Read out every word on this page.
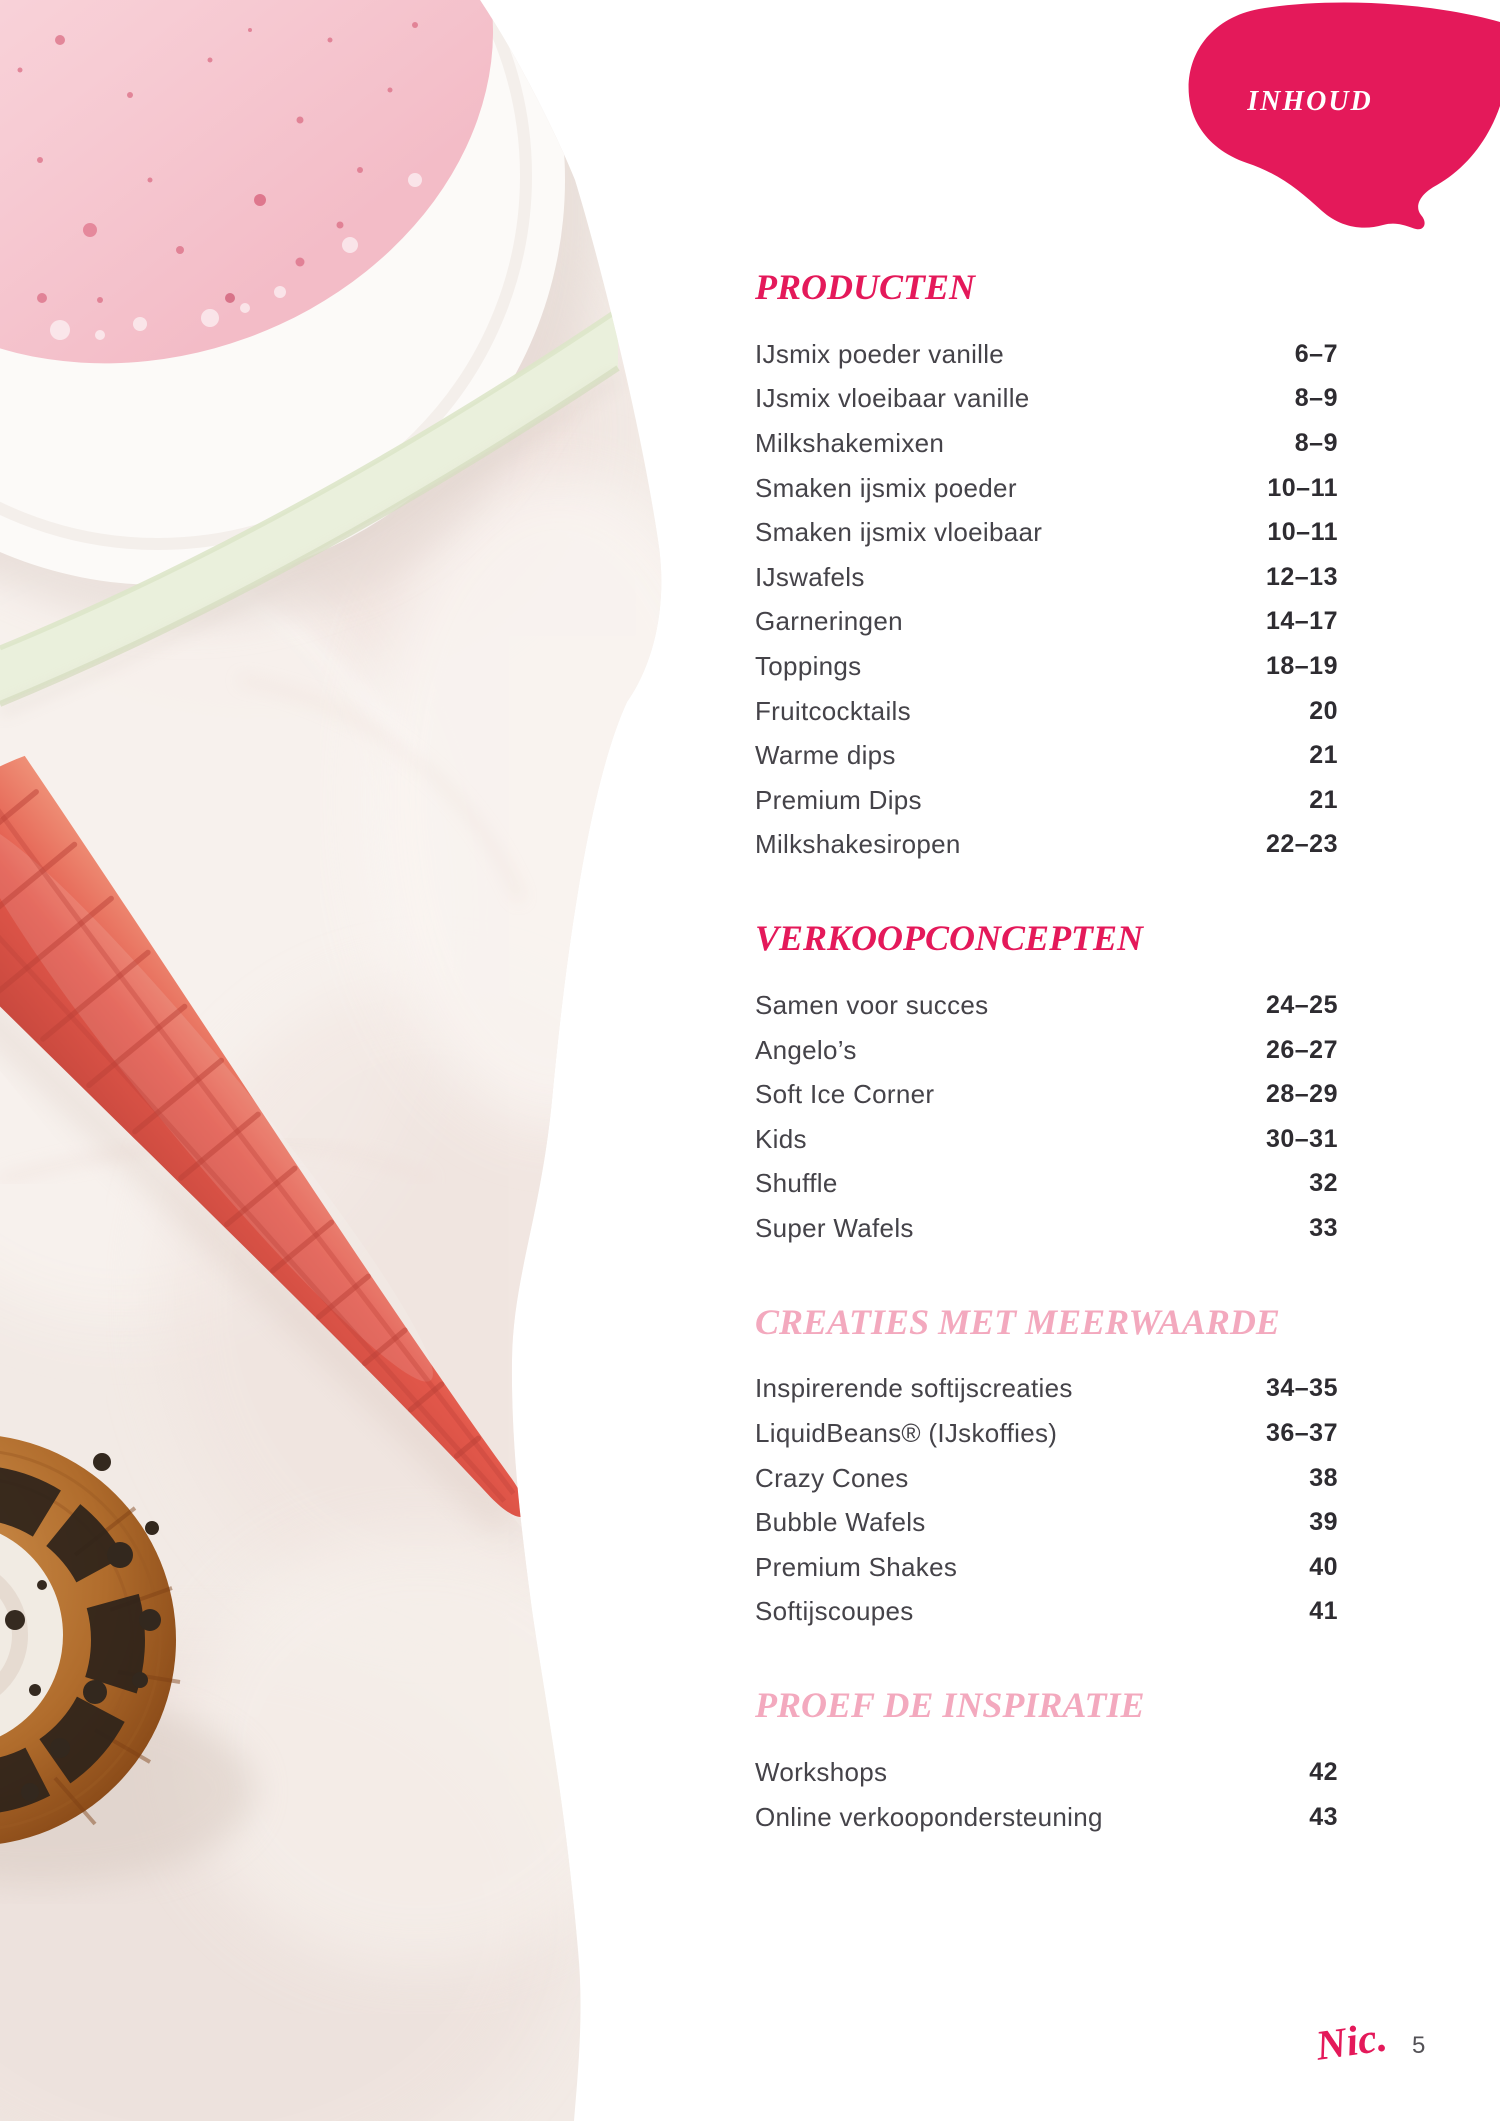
INHOUD
PRODUCTEN
IJsmix poeder vanille	6–7
IJsmix vloeibaar vanille	8–9
Milkshakemixen	8–9
Smaken ijsmix poeder	10–11
Smaken ijsmix vloeibaar	10–11
IJswafels	12–13
Garneringen	14–17
Toppings	18–19
Fruitcocktails	20
Warme dips	21
Premium Dips	21
Milkshakesiropen	22–23
VERKOOPCONCEPTEN
Samen voor succes	24–25
Angelo’s	26–27
Soft Ice Corner	28–29
Kids	30–31
Shuffle	32
Super Wafels	33
CREATIES MET MEERWAARDE
Inspirerende softijscreaties	34–35
LiquidBeans® (IJskoffies)	36–37
Crazy Cones	38
Bubble Wafels	39
Premium Shakes	40
Softijscoupes	41
PROEF DE INSPIRATIE
Workshops	42
Online verkoopondersteuning	43
Nic. 5
